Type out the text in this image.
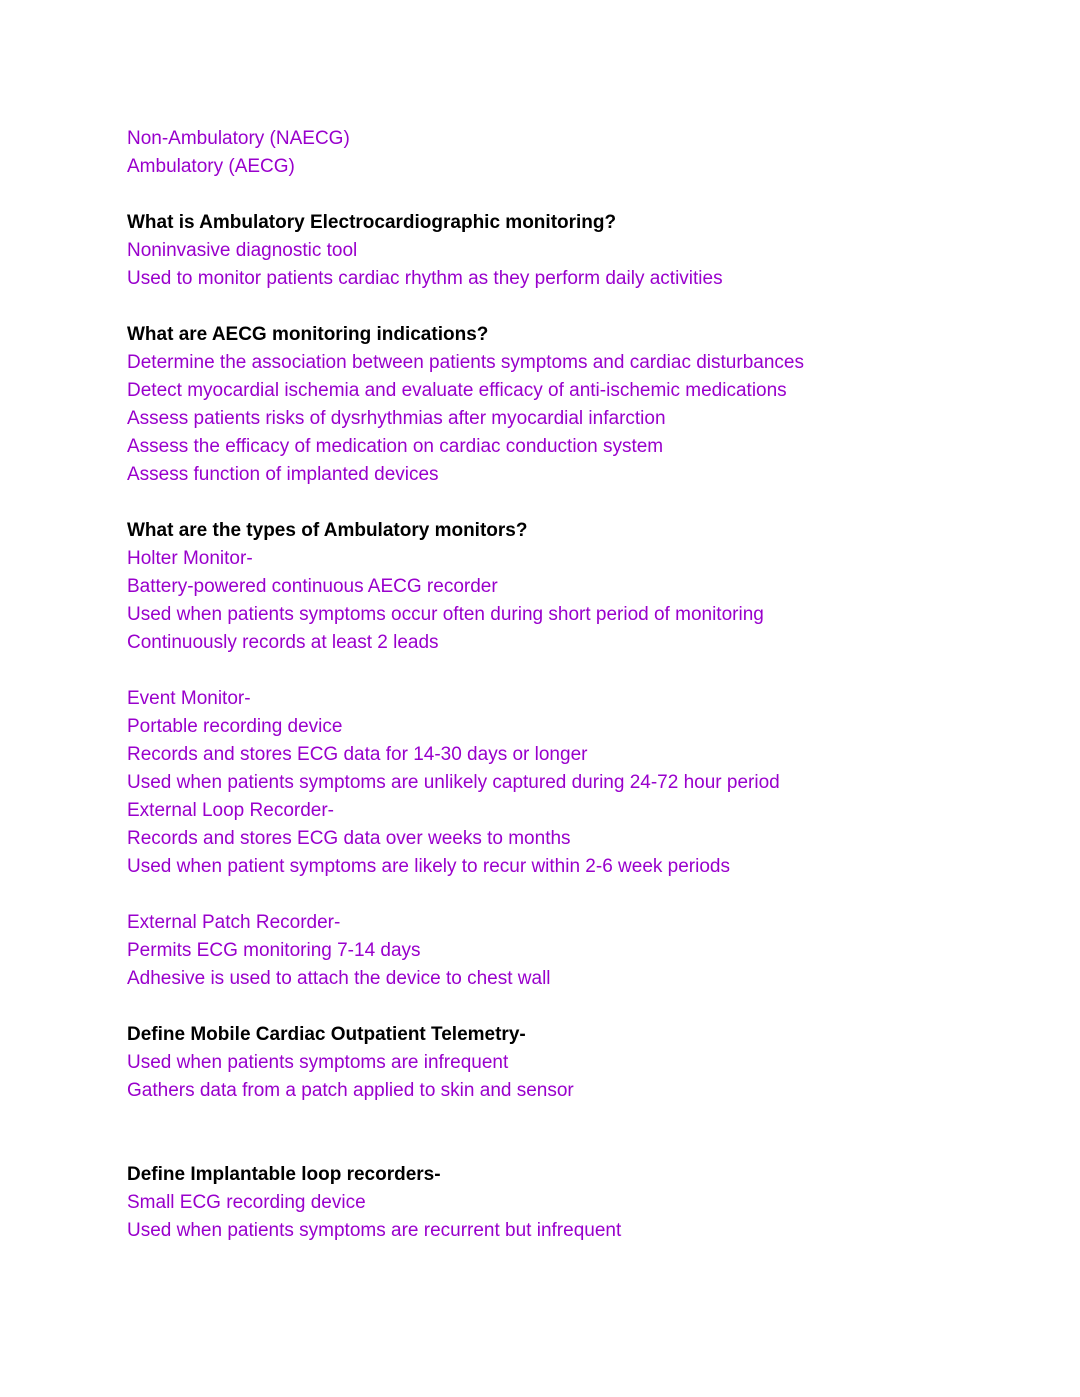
Non-Ambulatory (NAECG)
Ambulatory (AECG)
What is Ambulatory Electrocardiographic monitoring?
Noninvasive diagnostic tool
Used to monitor patients cardiac rhythm as they perform daily activities
What are AECG monitoring indications?
Determine the association between patients symptoms and cardiac disturbances
Detect myocardial ischemia and evaluate efficacy of anti-ischemic medications
Assess patients risks of dysrhythmias after myocardial infarction
Assess the efficacy of medication on cardiac conduction system
Assess function of implanted devices
What are the types of Ambulatory monitors?
Holter Monitor-
Battery-powered continuous AECG recorder
Used when patients symptoms occur often during short period of monitoring
Continuously records at least 2 leads
Event Monitor-
Portable recording device
Records and stores ECG data for 14-30 days or longer
Used when patients symptoms are unlikely captured during 24-72 hour period
External Loop Recorder-
Records and stores ECG data over weeks to months
Used when patient symptoms are likely to recur within 2-6 week periods
External Patch Recorder-
Permits ECG monitoring 7-14 days
Adhesive is used to attach the device to chest wall
Define Mobile Cardiac Outpatient Telemetry-
Used when patients symptoms are infrequent
Gathers data from a patch applied to skin and sensor
Define Implantable loop recorders-
Small ECG recording device
Used when patients symptoms are recurrent but infrequent
